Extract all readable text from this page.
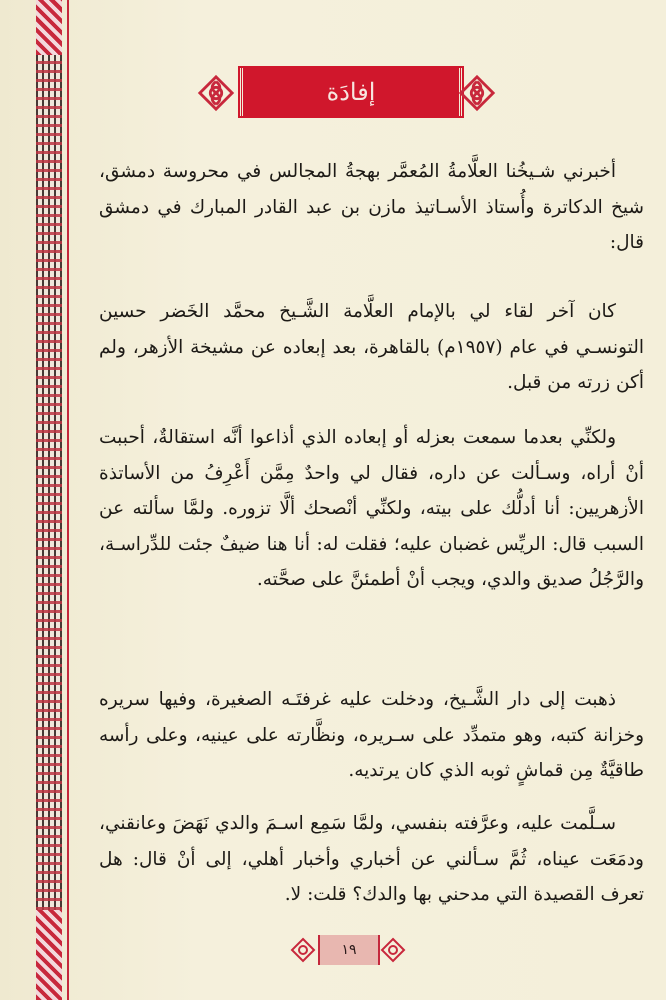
إفادَة

أخبرني شـيخُنا العلَّامةُ المُعمَّر بهجةُ المجالس في محروسة دمشق، شيخ الدكاترة وأُستاذ الأسـاتيذ مازن بن عبد القادر المبارك في دمشق قال:

كان آخر لقاء لي بالإمام العلَّامة الشَّـيخ محمَّد الخَضر حسين التونسـي في عام (١٩٥٧م) بالقاهرة، بعد إبعاده عن مشيخة الأزهر، ولم أكن زرته من قبل.

ولكنِّي بعدما سمعت بعزله أو إبعاده الذي أذاعوا أنَّه استقالةٌ، أحببت أنْ أراه، وسـألت عن داره، فقال لي واحدٌ مِمَّن أَعْرِفُ من الأساتذة الأزهريين: أنا أدلُّك على بيته، ولكنِّي أنْصحك ألَّا تزوره. ولمَّا سألته عن السبب قال: الريِّس غضبان عليه؛ فقلت له: أنا هنا ضيفٌ جئت للدِّراسـة، والرَّجُلُ صديق والدي، ويجب أنْ أطمئنَّ على صحَّته.

ذهبت إلى دار الشَّـيخ، ودخلت عليه غرفتَـه الصغيرة، وفيها سريره وخزانة كتبه، وهو متمدِّد على سـريره، ونظَّارته على عينيه، وعلى رأسه طاقيَّةٌ مِن قماشٍ ثوبه الذي كان يرتديه.

سـلَّمت عليه، وعرَّفته بنفسي، ولمَّا سَمِع اسـمَ والدي نَهَضَ وعانقني، ودمَعَت عيناه، ثُمَّ سـألني عن أخباري وأخبار أهلي، إلى أنْ قال: هل تعرف القصيدة التي مدحني بها والدك؟ قلت: لا.

١٩
